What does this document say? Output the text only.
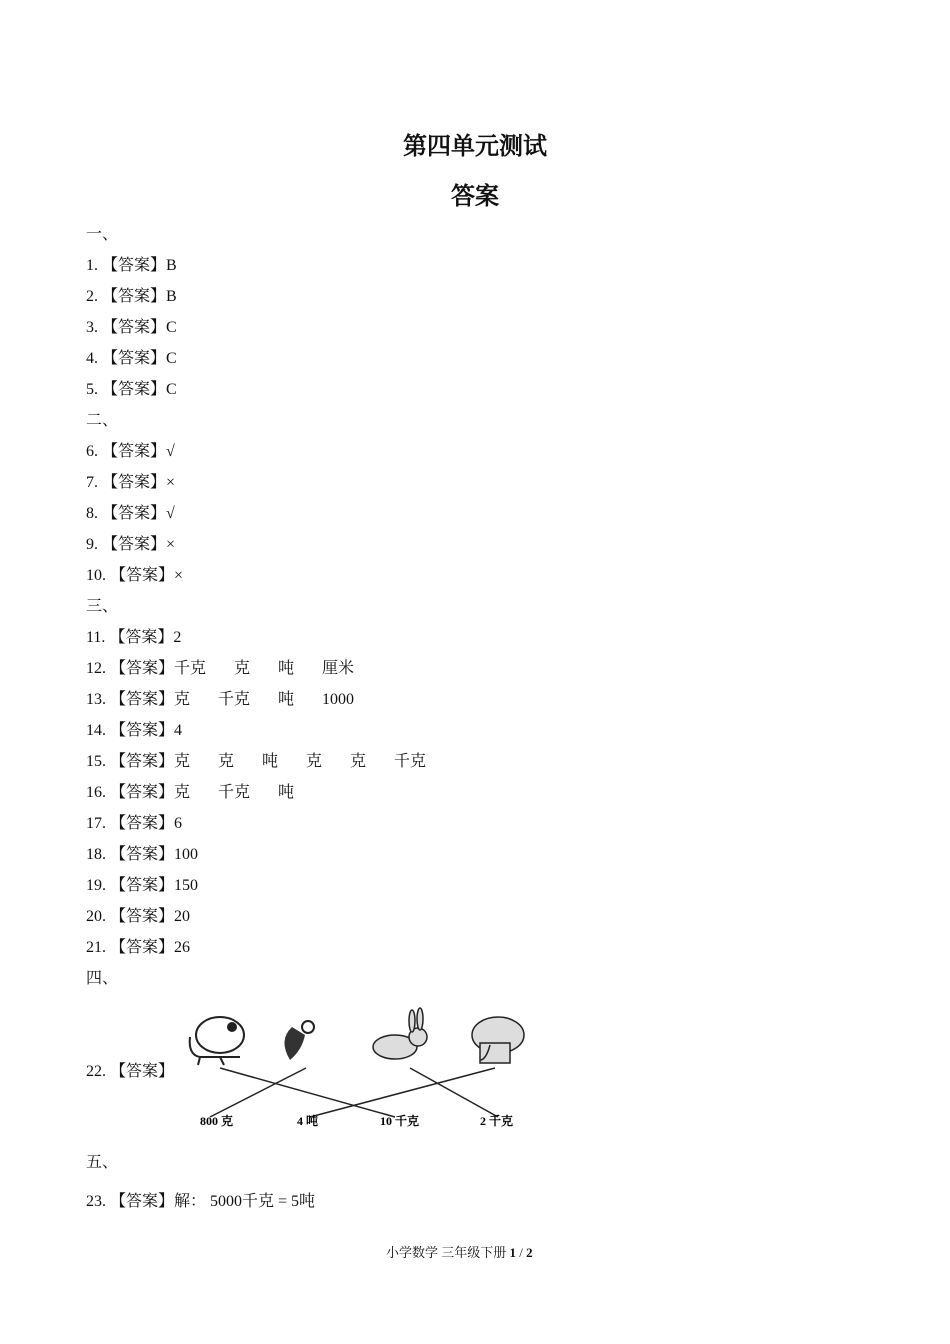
第四单元测试
答案
一、
1. 【答案】B
2. 【答案】B
3. 【答案】C
4. 【答案】C
5. 【答案】C
二、
6. 【答案】√
7. 【答案】×
8. 【答案】√
9. 【答案】×
10. 【答案】×
三、
11. 【答案】2
12. 【答案】千克       克       吨       厘米
13. 【答案】克       千克       吨       1000
14. 【答案】4
15. 【答案】克       克       吨       克       克       千克
16. 【答案】克       千克       吨
17. 【答案】6
18. 【答案】100
19. 【答案】150
20. 【答案】20
21. 【答案】26
四、
22. 【答案】
800 克	4 吨	10 千克	2 千克
五、
23. 【答案】解： 5000千克 = 5吨
小学数学 三年级下册 1 / 2
